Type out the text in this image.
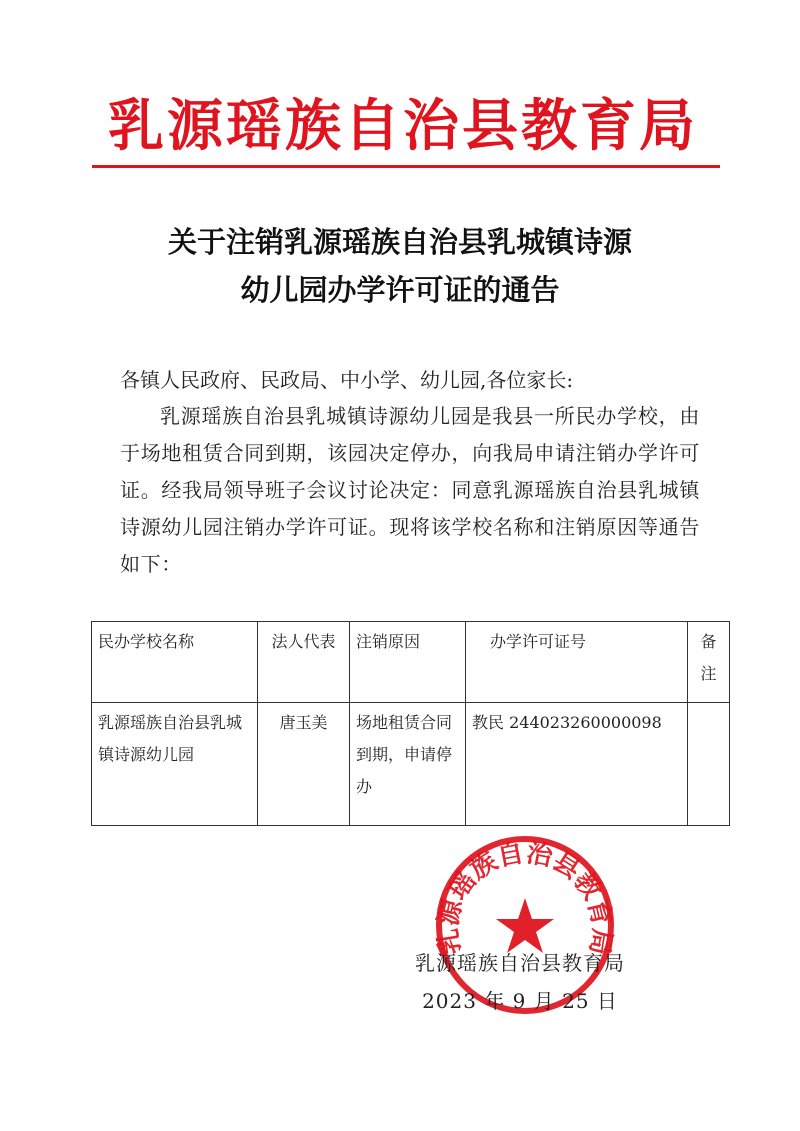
乳源瑶族自治县教育局
关于注销乳源瑶族自治县乳城镇诗源
幼儿园办学许可证的通告
各镇人民政府、民政局、中小学、幼儿园,各位家长:
乳源瑶族自治县乳城镇诗源幼儿园是我县一所民办学校，由于场地租赁合同到期，该园决定停办，向我局申请注销办学许可证。经我局领导班子会议讨论决定：同意乳源瑶族自治县乳城镇诗源幼儿园注销办学许可证。现将该学校名称和注销原因等通告如下：
民办学校名称	法人代表	注销原因	办学许可证号	备注
乳源瑶族自治县乳城镇诗源幼儿园	唐玉美	场地租赁合同到期，申请停办	教民 244023260000098	
乳源瑶族自治县教育局
乳源瑶族自治县教育局
2023 年 9 月 25 日
